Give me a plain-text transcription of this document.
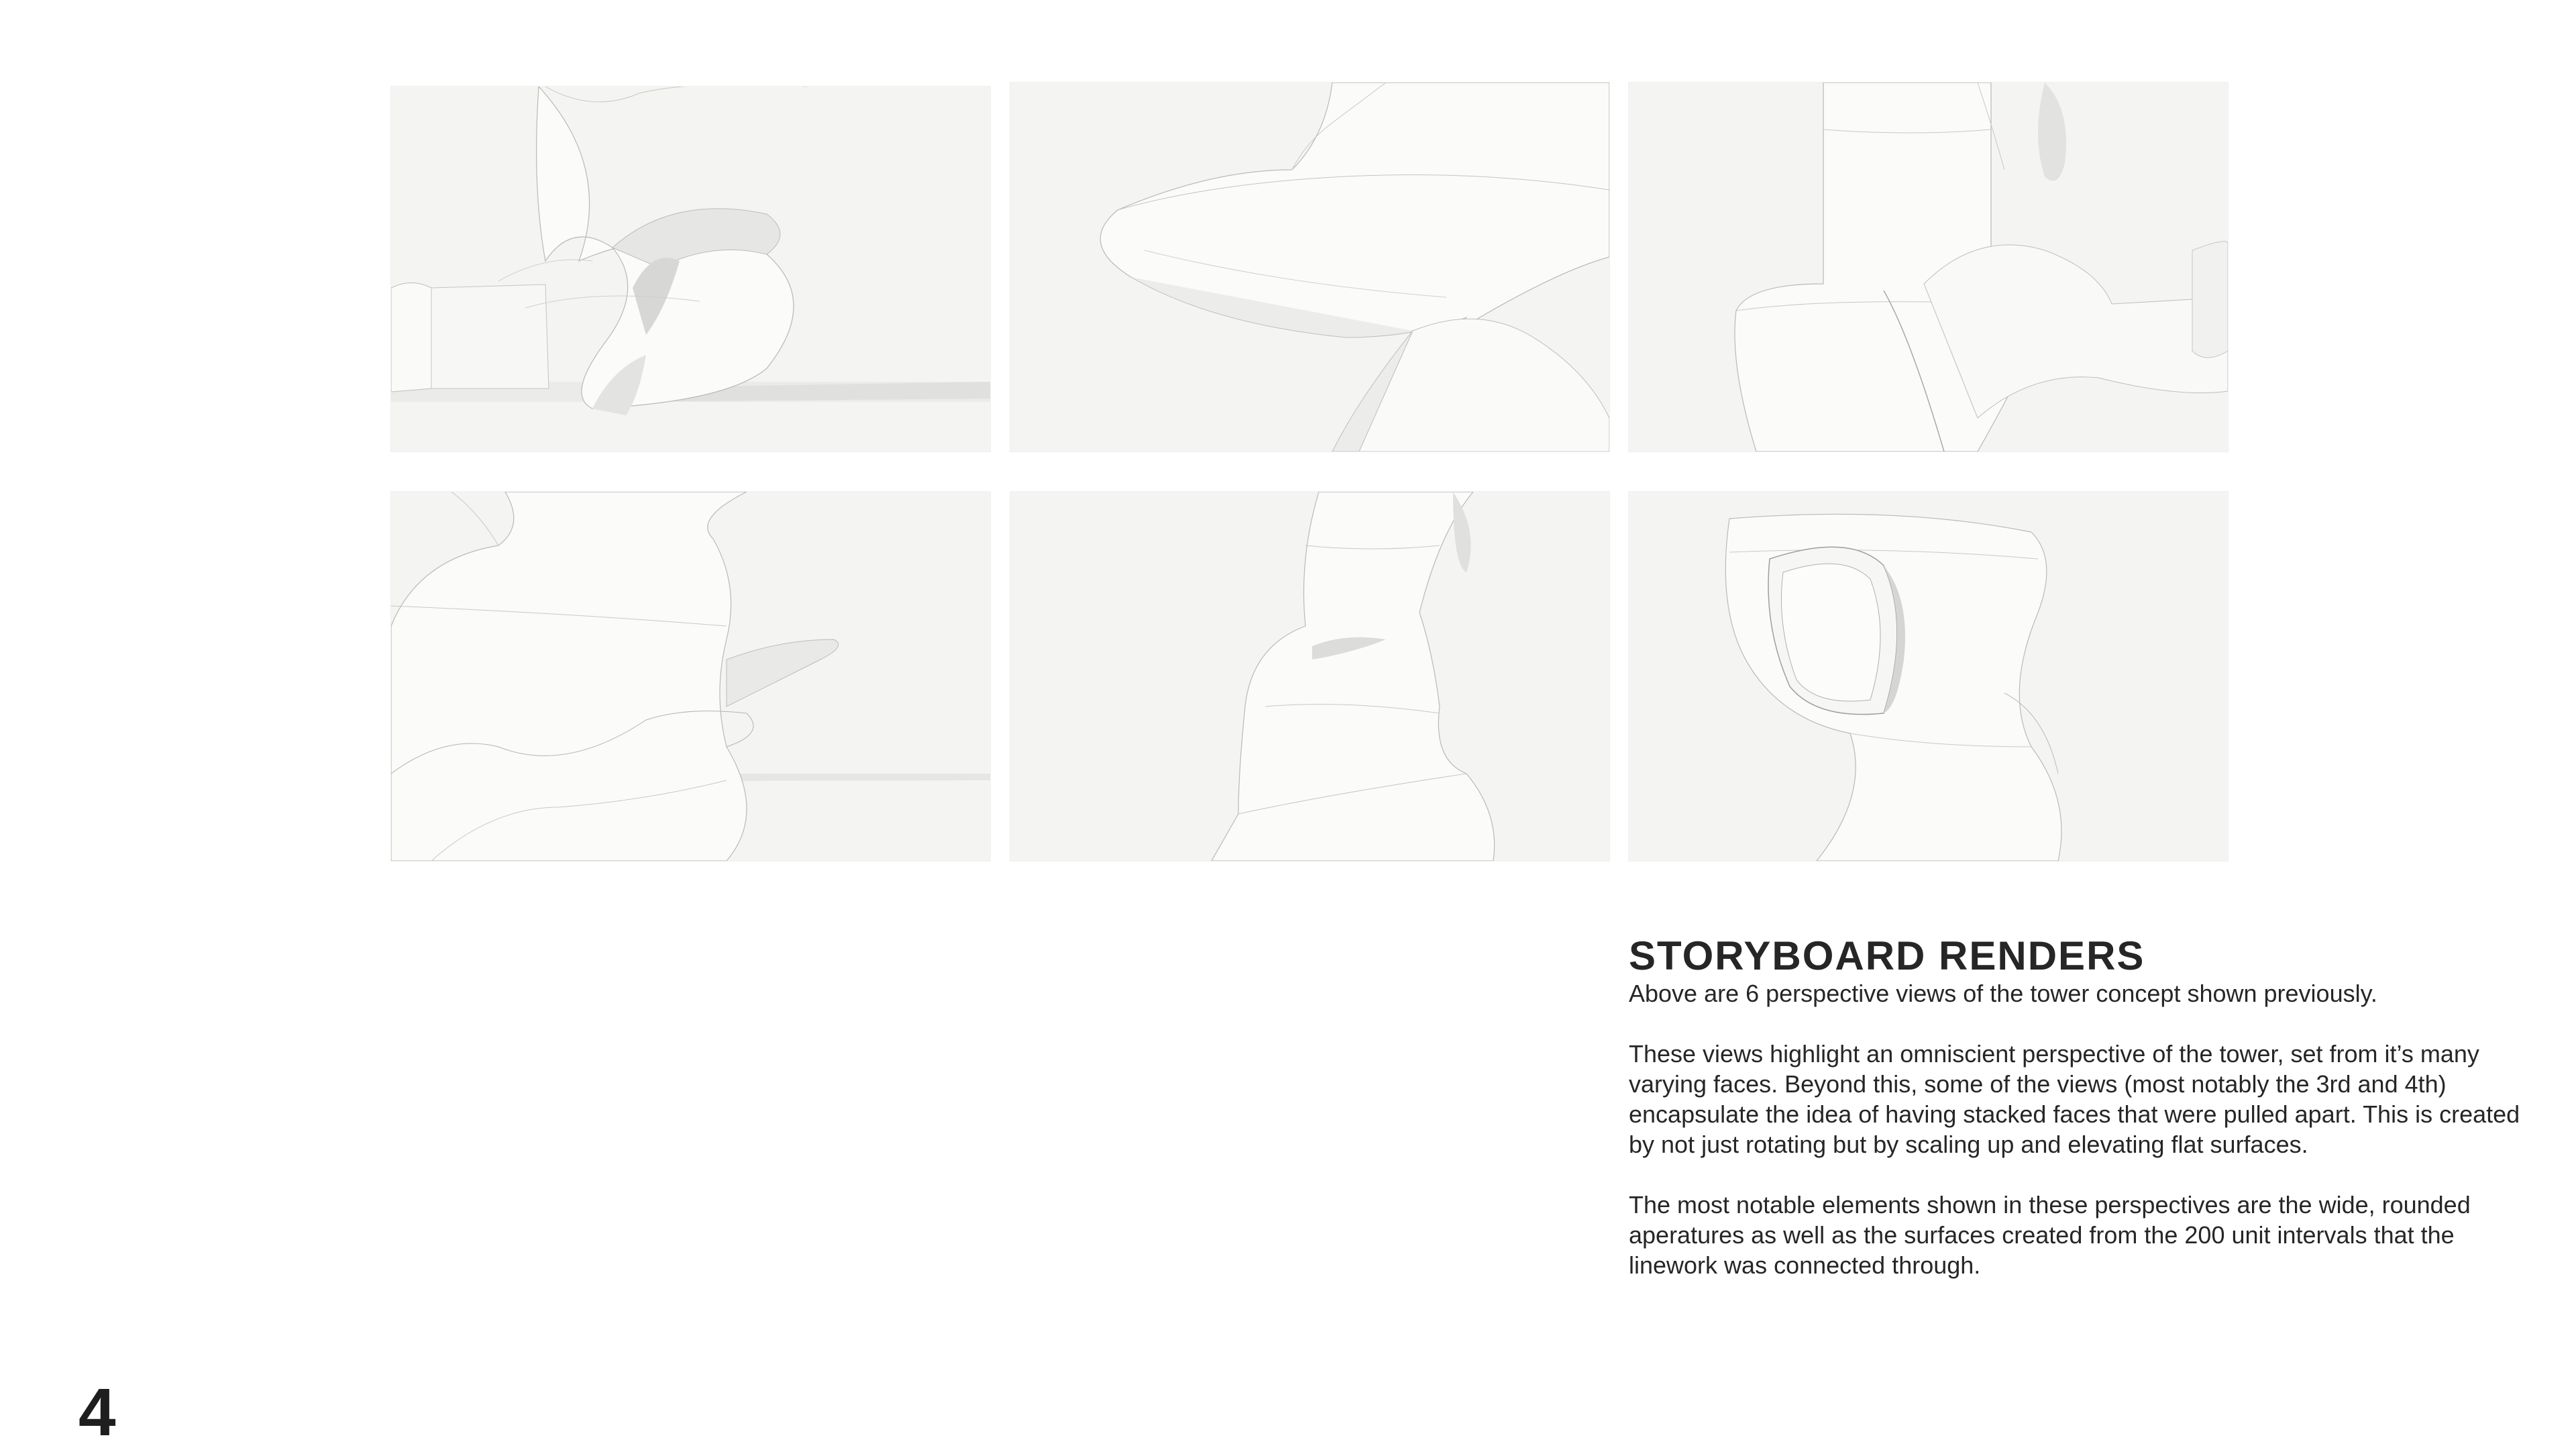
STORYBOARD RENDERS

Above are 6 perspective views of the tower concept shown previously.

These views highlight an omniscient perspective of the tower, set from it’s many varying faces. Beyond this, some of the views (most notably the 3rd and 4th) encapsulate the idea of having stacked faces that were pulled apart. This is created by not just rotating but by scaling up and elevating flat surfaces.

The most notable elements shown in these perspectives are the wide, rounded aperatures as well as the surfaces created from the 200 unit intervals that the linework was connected through.

4
